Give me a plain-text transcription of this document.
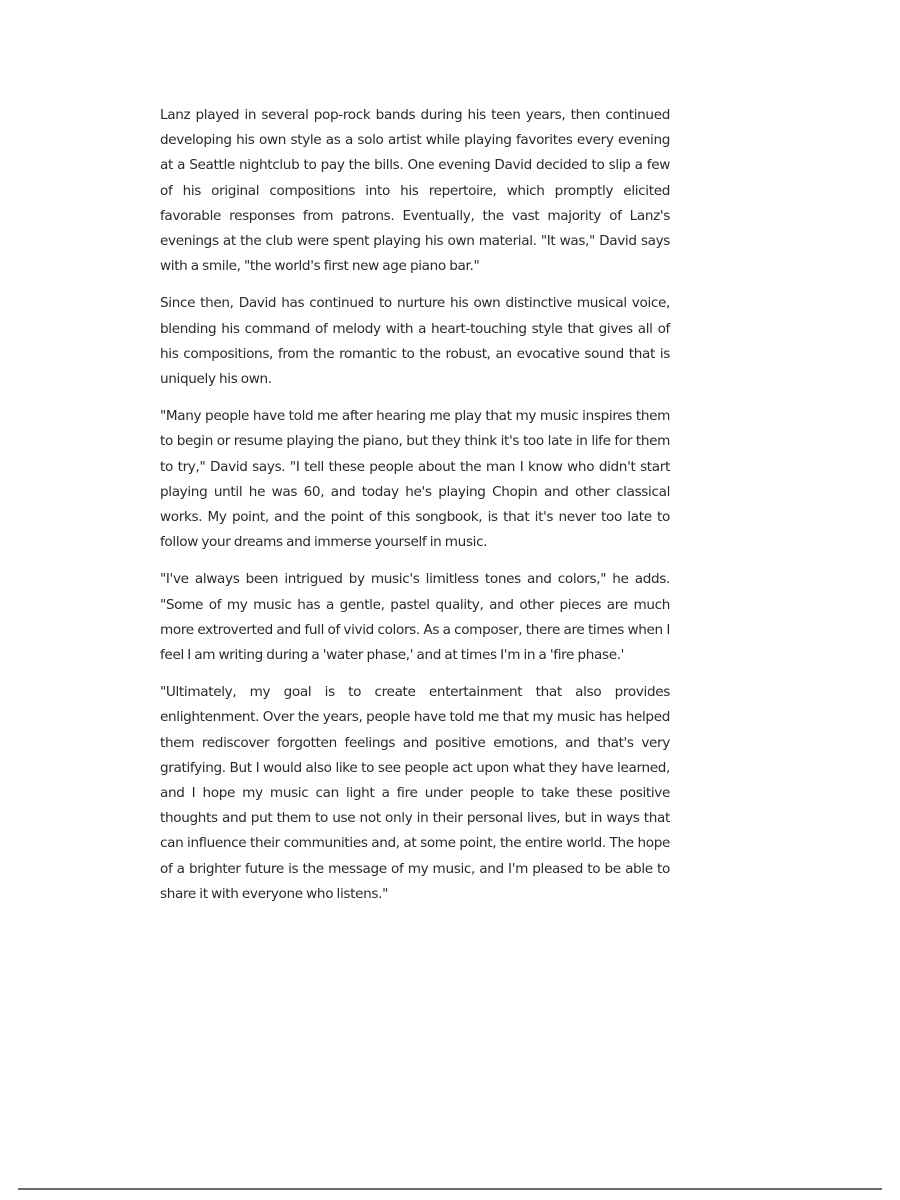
Lanz played in several pop-rock bands during his teen years, then continued developing his own style as a solo artist while playing favorites every evening at a Seattle nightclub to pay the bills. One evening David decided to slip a few of his original compositions into his repertoire, which promptly elicited favorable responses from patrons. Eventually, the vast majority of Lanz's evenings at the club were spent playing his own material. "It was," David says with a smile, "the world's first new age piano bar."

Since then, David has continued to nurture his own distinctive musical voice, blending his command of melody with a heart-touching style that gives all of his compositions, from the romantic to the robust, an evocative sound that is uniquely his own.

"Many people have told me after hearing me play that my music inspires them to begin or resume playing the piano, but they think it's too late in life for them to try," David says. "I tell these people about the man I know who didn't start playing until he was 60, and today he's playing Chopin and other classical works. My point, and the point of this songbook, is that it's never too late to follow your dreams and immerse yourself in music.

"I've always been intrigued by music's limitless tones and colors," he adds. "Some of my music has a gentle, pastel quality, and other pieces are much more extroverted and full of vivid colors. As a composer, there are times when I feel I am writing during a 'water phase,' and at times I'm in a 'fire phase.'

"Ultimately, my goal is to create entertainment that also provides enlightenment. Over the years, people have told me that my music has helped them rediscover forgotten feelings and positive emotions, and that's very gratifying. But I would also like to see people act upon what they have learned, and I hope my music can light a fire under people to take these positive thoughts and put them to use not only in their personal lives, but in ways that can influence their communities and, at some point, the entire world. The hope of a brighter future is the message of my music, and I'm pleased to be able to share it with everyone who listens."
